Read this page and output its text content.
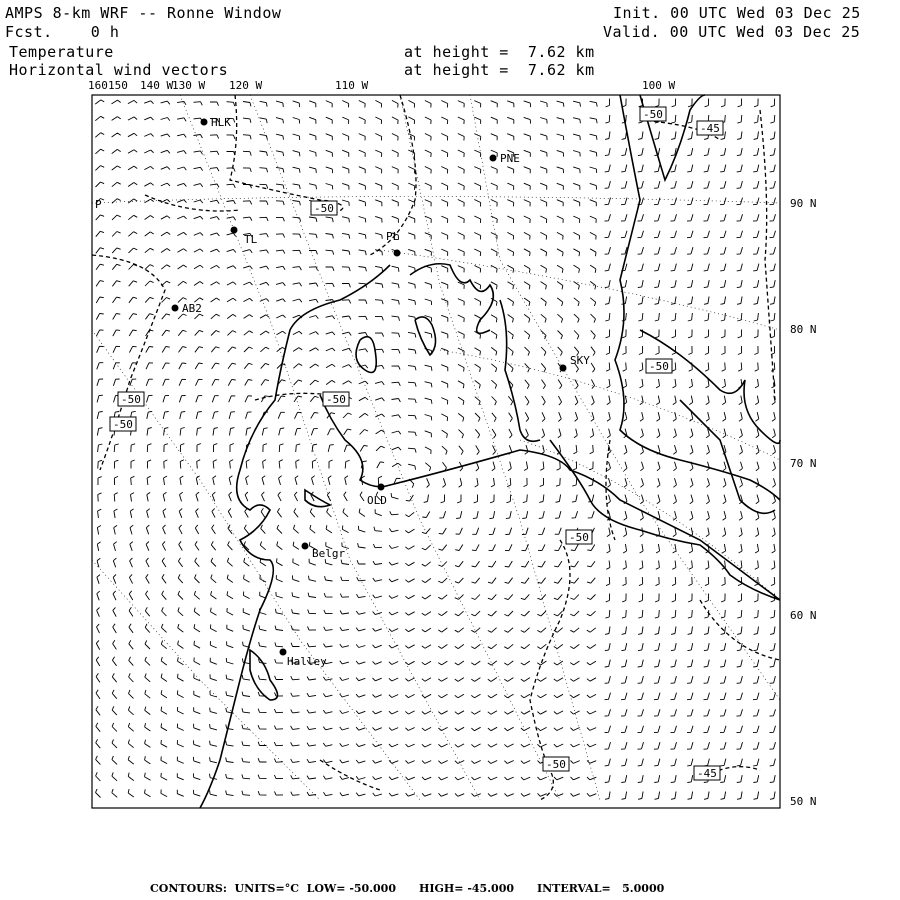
AMPS 8-km WRF -- Ronne Window
Fcst.    0 h
Init. 00 UTC Wed 03 Dec 25
Valid. 00 UTC Wed 03 Dec 25
Temperature
Horizontal wind vectors
at height =  7.62 km
at height =  7.62 km
160 150 140 W
130 W 120 W	110 W	100 W
90 N
80 N
70 N
60 N
50 N
P
-45
-50
-50
-50
-50
-50
-50
-50
-45
-50
HLK
PNE
TL	PL
AB2
SKY
OLD
Belgr
Halley
CONTOURS:  UNITS=°C  LOW= -50.000      HIGH= -45.000      INTERVAL=   5.0000
